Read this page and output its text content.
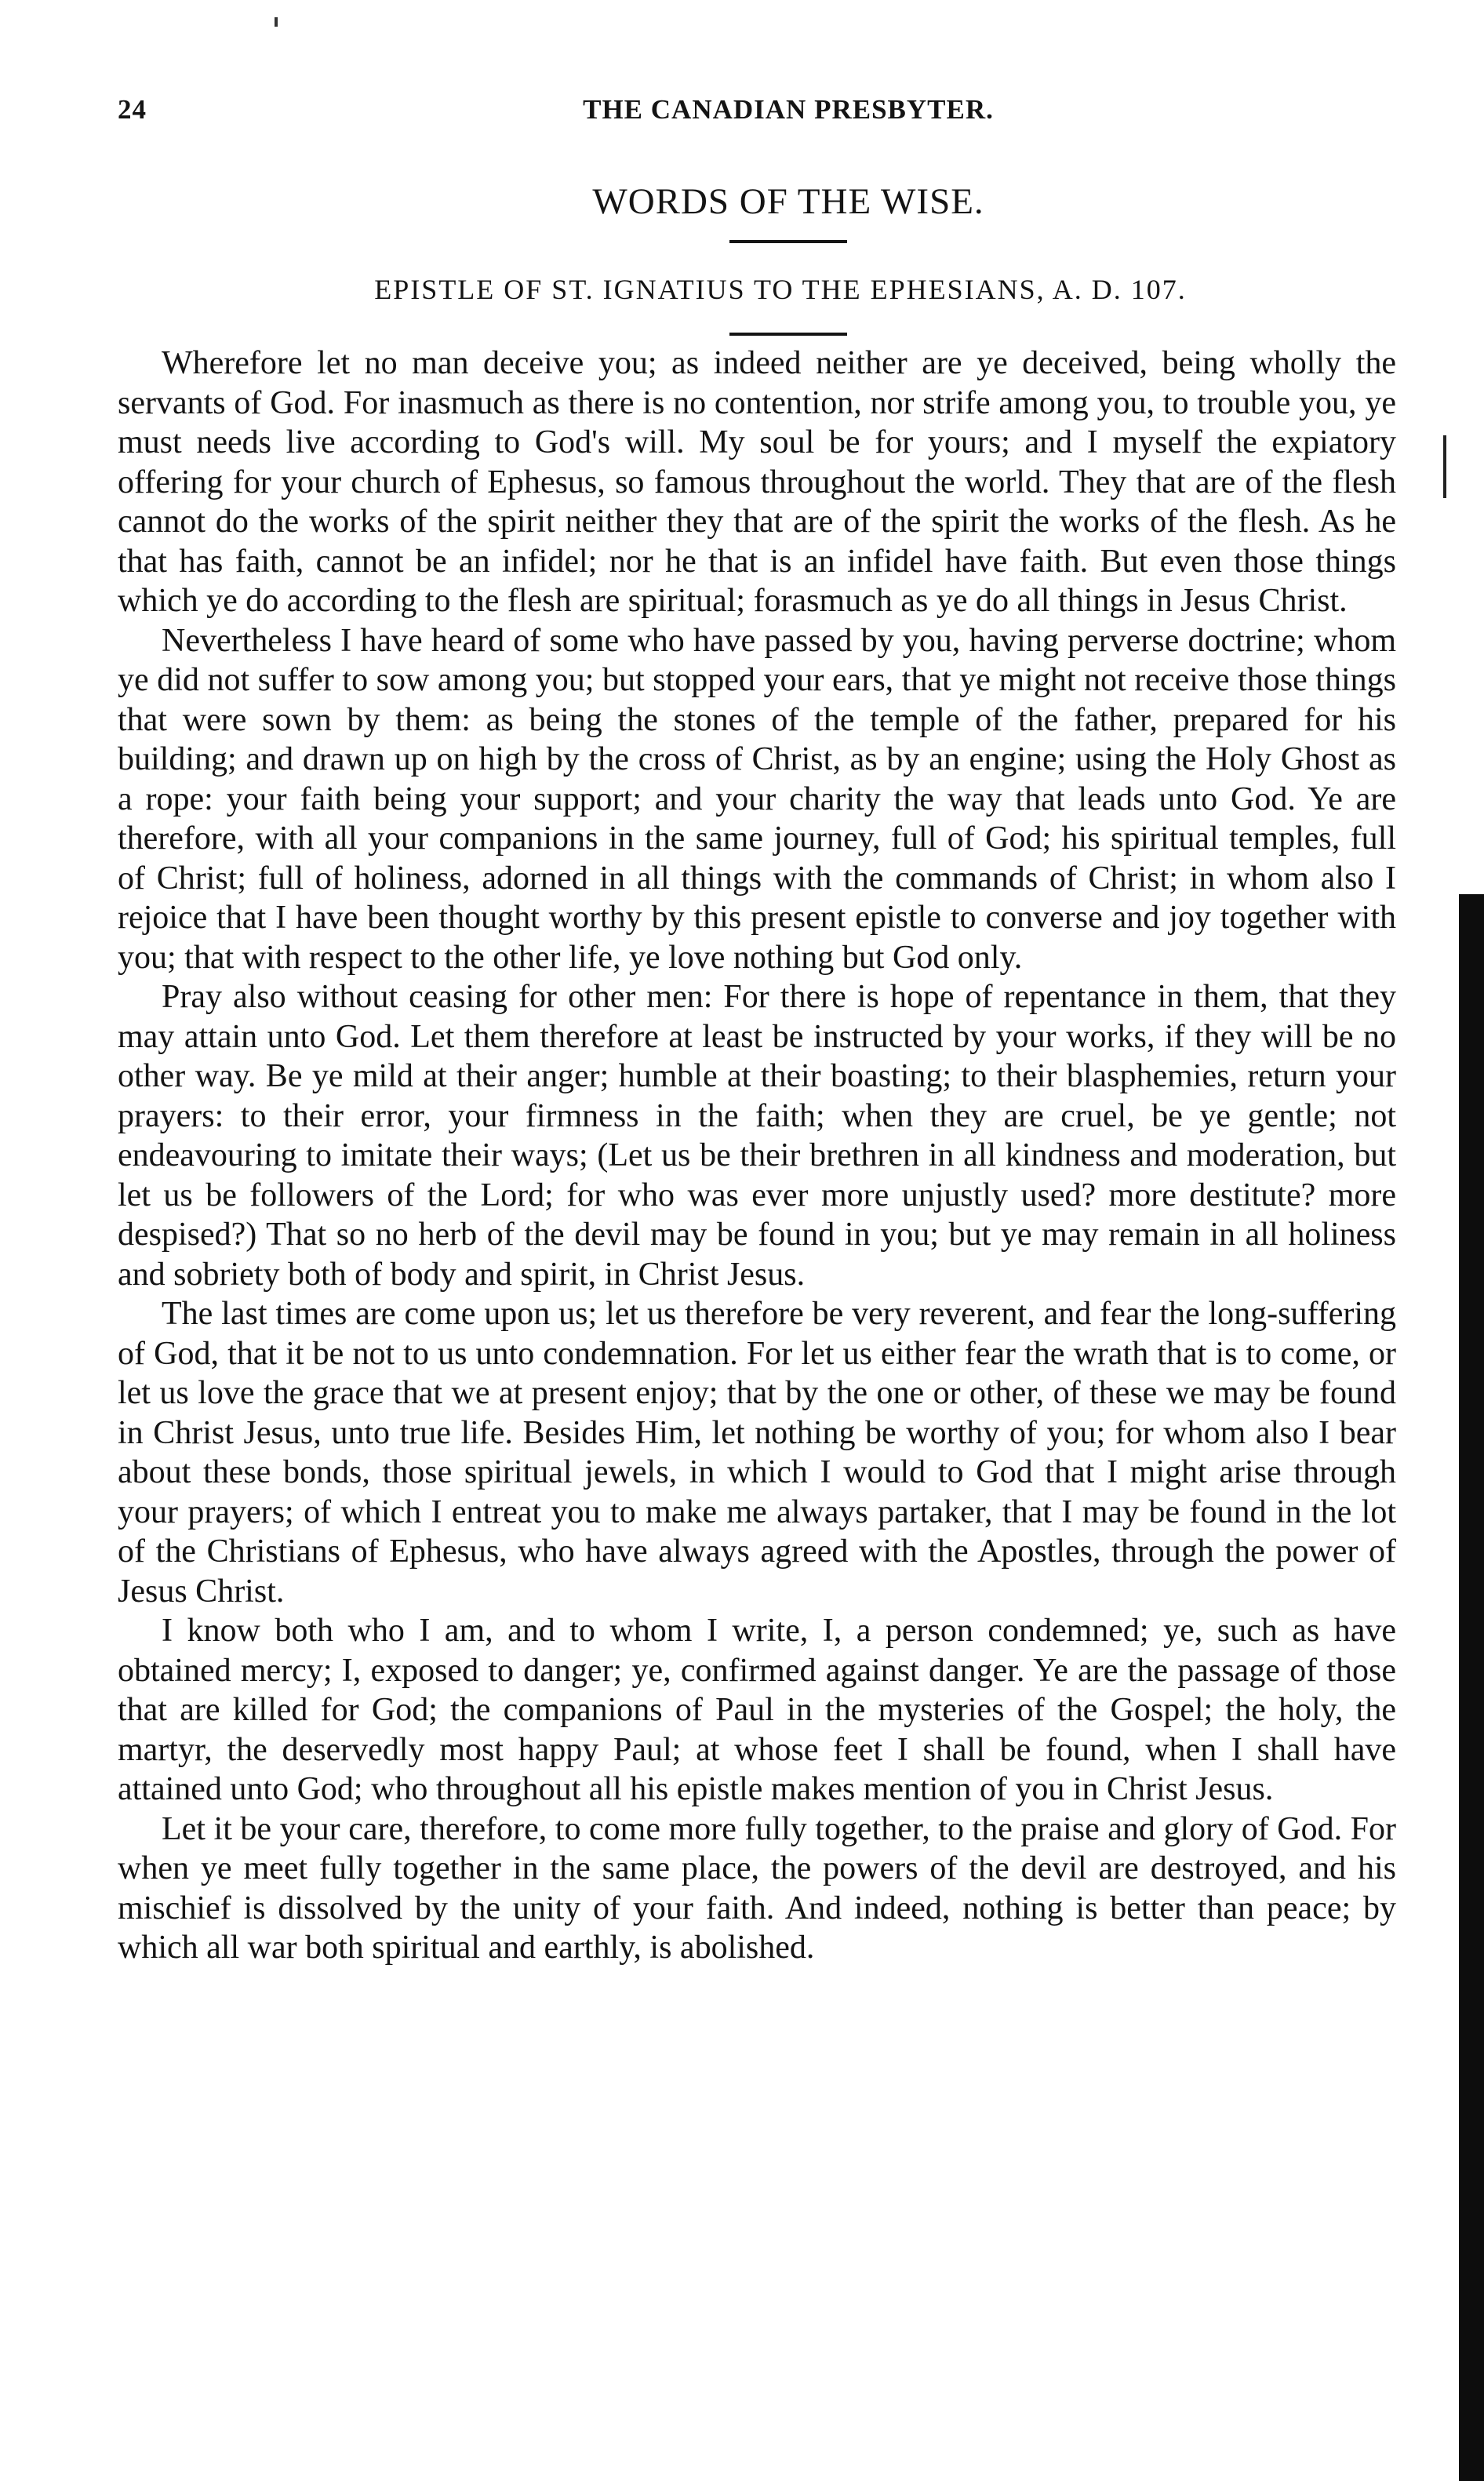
24	THE CANADIAN PRESBYTER.
WORDS OF THE WISE.
EPISTLE OF ST. IGNATIUS TO THE EPHESIANS, A. D. 107.

Wherefore let no man deceive you; as indeed neither are ye deceived, being wholly the servants of God. For inasmuch as there is no contention, nor strife among you, to trouble you, ye must needs live according to God's will. My soul be for yours; and I myself the expiatory offering for your church of Ephesus, so famous throughout the world. They that are of the flesh cannot do the works of the spirit neither they that are of the spirit the works of the flesh. As he that has faith, cannot be an infidel; nor he that is an infidel have faith. But even those things which ye do according to the flesh are spiritual; forasmuch as ye do all things in Jesus Christ.

Nevertheless I have heard of some who have passed by you, having perverse doctrine; whom ye did not suffer to sow among you; but stopped your ears, that ye might not receive those things that were sown by them: as being the stones of the temple of the father, prepared for his building; and drawn up on high by the cross of Christ, as by an engine; using the Holy Ghost as a rope: your faith being your support; and your charity the way that leads unto God. Ye are therefore, with all your companions in the same journey, full of God; his spiritual temples, full of Christ; full of holiness, adorned in all things with the commands of Christ; in whom also I rejoice that I have been thought worthy by this present epistle to converse and joy together with you; that with respect to the other life, ye love nothing but God only.

Pray also without ceasing for other men: For there is hope of repentance in them, that they may attain unto God. Let them therefore at least be instructed by your works, if they will be no other way. Be ye mild at their anger; humble at their boasting; to their blasphemies, return your prayers: to their error, your firmness in the faith; when they are cruel, be ye gentle; not endeavouring to imitate their ways; (Let us be their brethren in all kindness and moderation, but let us be followers of the Lord; for who was ever more unjustly used? more destitute? more despised?) That so no herb of the devil may be found in you; but ye may remain in all holiness and sobriety both of body and spirit, in Christ Jesus.

The last times are come upon us; let us therefore be very reverent, and fear the long-suffering of God, that it be not to us unto condemnation. For let us either fear the wrath that is to come, or let us love the grace that we at present enjoy; that by the one or other, of these we may be found in Christ Jesus, unto true life. Besides Him, let nothing be worthy of you; for whom also I bear about these bonds, those spiritual jewels, in which I would to God that I might arise through your prayers; of which I entreat you to make me always partaker, that I may be found in the lot of the Christians of Ephesus, who have always agreed with the Apostles, through the power of Jesus Christ.

I know both who I am, and to whom I write, I, a person condemned; ye, such as have obtained mercy; I, exposed to danger; ye, confirmed against danger. Ye are the passage of those that are killed for God; the companions of Paul in the mysteries of the Gospel; the holy, the martyr, the deservedly most happy Paul; at whose feet I shall be found, when I shall have attained unto God; who throughout all his epistle makes mention of you in Christ Jesus.

Let it be your care, therefore, to come more fully together, to the praise and glory of God. For when ye meet fully together in the same place, the powers of the devil are destroyed, and his mischief is dissolved by the unity of your faith. And indeed, nothing is better than peace; by which all war both spiritual and earthly, is abolished.
